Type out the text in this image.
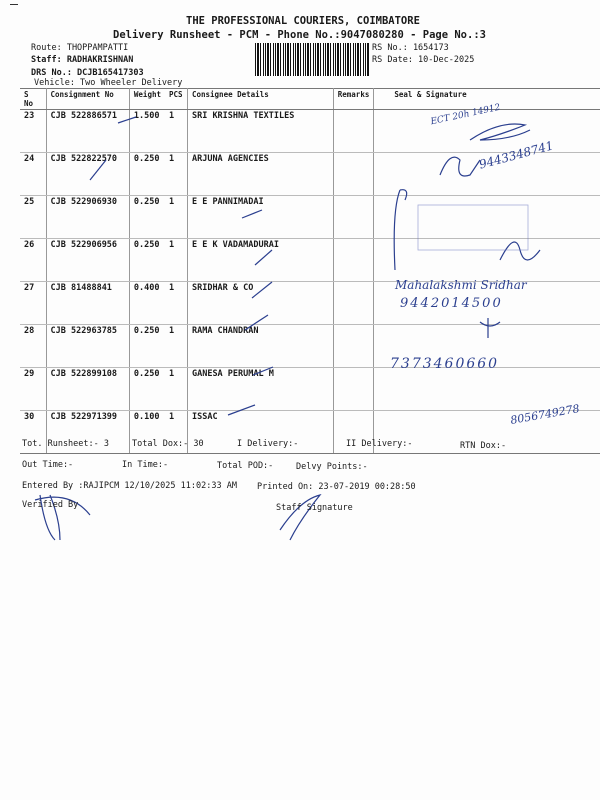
THE PROFESSIONAL COURIERS, COIMBATORE
Delivery Runsheet - PCM - Phone No.:9047080280 - Page No.:3
Route: THOPPAMPATTI
Staff: RADHAKRISHNAN
DRS No.: DCJB165417303
Vehicle: Two Wheeler Delivery
RS No.: 1654173
RS Date: 10-Dec-2025
S No	Consignment No	Weight	PCS	Consignee Details	Remarks	Seal & Signature
23	CJB 522886571	1.500	1	SRI KRISHNA TEXTILES		
24	CJB 522822570	0.250	1	ARJUNA AGENCIES		
25	CJB 522906930	0.250	1	E E PANNIMADAI		
26	CJB 522906956	0.250	1	E E K VADAMADURAI		
27	CJB 81488841	0.400	1	SRIDHAR & CO		
28	CJB 522963785	0.250	1	RAMA CHANDRAN		
29	CJB 522899108	0.250	1	GANESA PERUMAL M		
30	CJB 522971399	0.100	1	ISSAC		
ECT 20h 14912
9443348741
Mahalakshmi Sridhar
9442014500
7373460660
8056749278
Tot. Runsheet:- 3	Total Dox:- 30	I Delivery:-	II Delivery:-	RTN Dox:-
Out Time:-	In Time:-	Total POD:-	Delvy Points:-
Entered By :RAJIPCM 12/10/2025 11:02:33 AM Printed On: 23-07-2019 00:28:50
Verified By	Staff Signature
